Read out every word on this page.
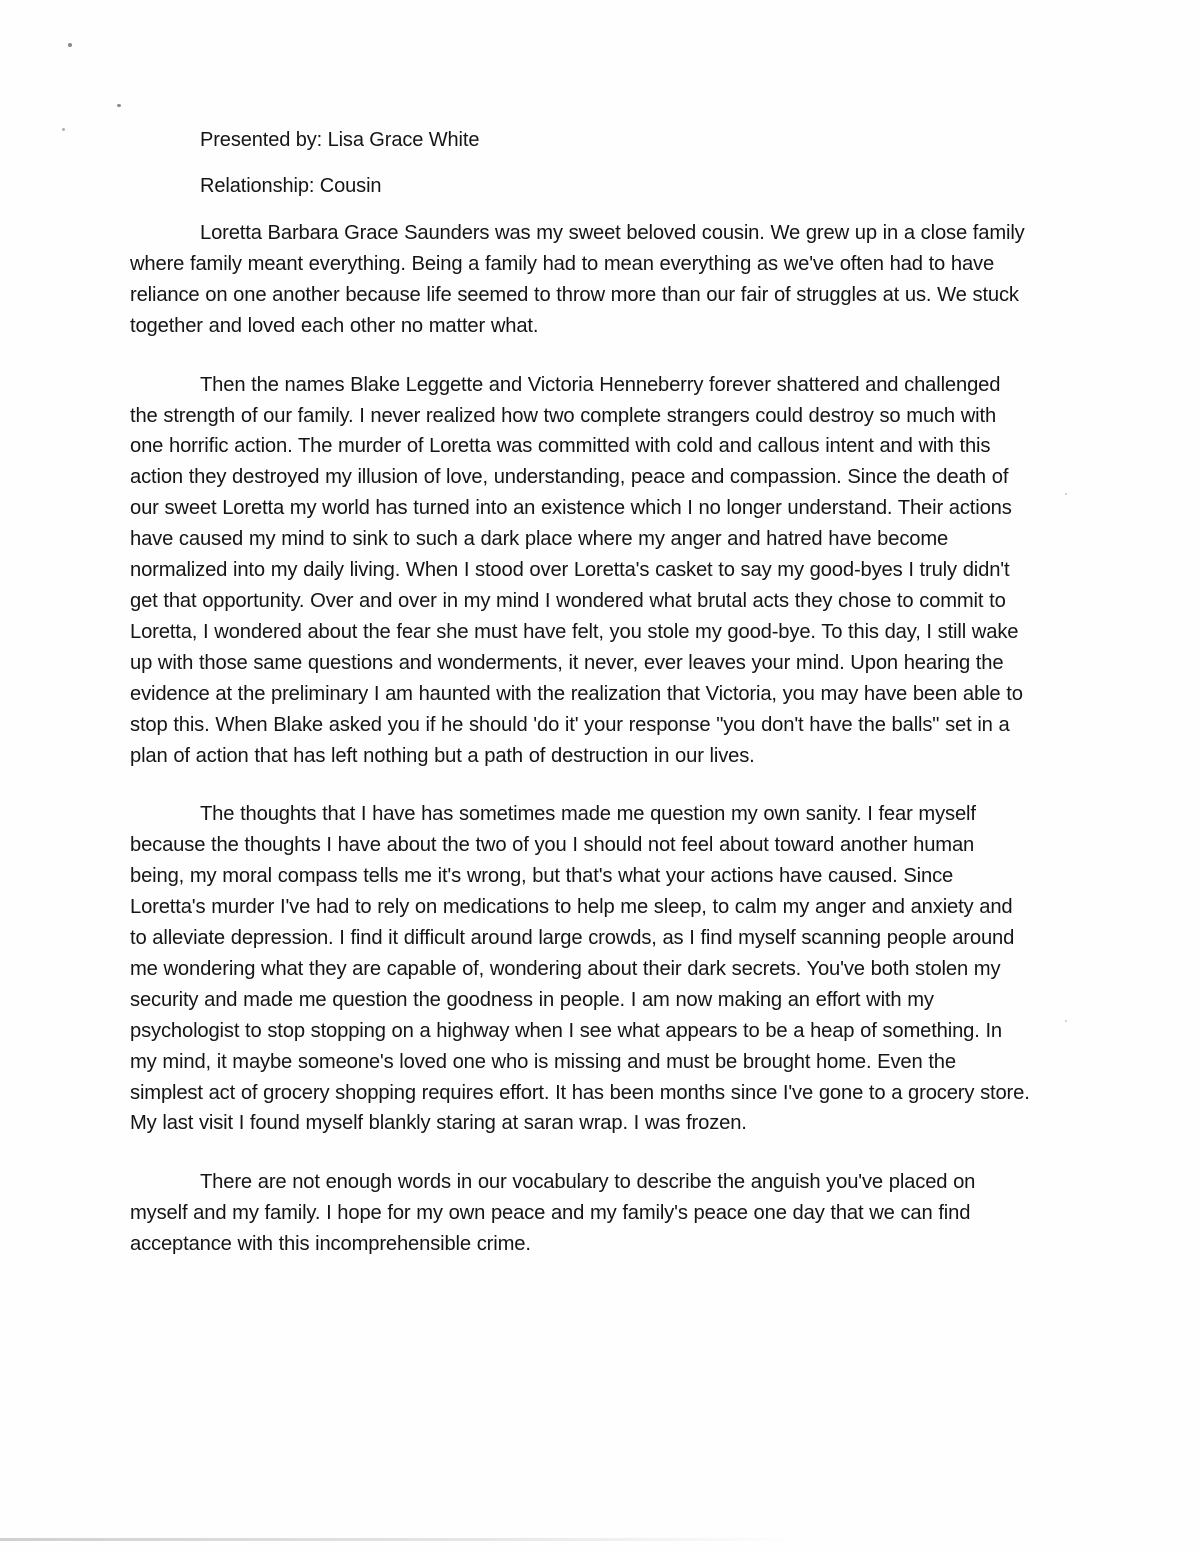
Presented by: Lisa Grace White

Relationship: Cousin

Loretta Barbara Grace Saunders was my sweet beloved cousin. We grew up in a close family where family meant everything. Being a family had to mean everything as we've often had to have reliance on one another because life seemed to throw more than our fair of struggles at us. We stuck together and loved each other no matter what.

Then the names Blake Leggette and Victoria Henneberry forever shattered and challenged the strength of our family. I never realized how two complete strangers could destroy so much with one horrific action. The murder of Loretta was committed with cold and callous intent and with this action they destroyed my illusion of love, understanding, peace and compassion. Since the death of our sweet Loretta my world has turned into an existence which I no longer understand. Their actions have caused my mind to sink to such a dark place where my anger and hatred have become normalized into my daily living. When I stood over Loretta's casket to say my good-byes I truly didn't get that opportunity. Over and over in my mind I wondered what brutal acts they chose to commit to Loretta, I wondered about the fear she must have felt, you stole my good-bye. To this day, I still wake up with those same questions and wonderments, it never, ever leaves your mind. Upon hearing the evidence at the preliminary I am haunted with the realization that Victoria, you may have been able to stop this. When Blake asked you if he should 'do it' your response "you don't have the balls" set in a plan of action that has left nothing but a path of destruction in our lives.

The thoughts that I have has sometimes made me question my own sanity. I fear myself because the thoughts I have about the two of you I should not feel about toward another human being, my moral compass tells me it's wrong, but that's what your actions have caused. Since Loretta's murder I've had to rely on medications to help me sleep, to calm my anger and anxiety and to alleviate depression. I find it difficult around large crowds, as I find myself scanning people around me wondering what they are capable of, wondering about their dark secrets. You've both stolen my security and made me question the goodness in people. I am now making an effort with my psychologist to stop stopping on a highway when I see what appears to be a heap of something. In my mind, it maybe someone's loved one who is missing and must be brought home. Even the simplest act of grocery shopping requires effort. It has been months since I've gone to a grocery store. My last visit I found myself blankly staring at saran wrap. I was frozen.

There are not enough words in our vocabulary to describe the anguish you've placed on myself and my family. I hope for my own peace and my family's peace one day that we can find acceptance with this incomprehensible crime.
